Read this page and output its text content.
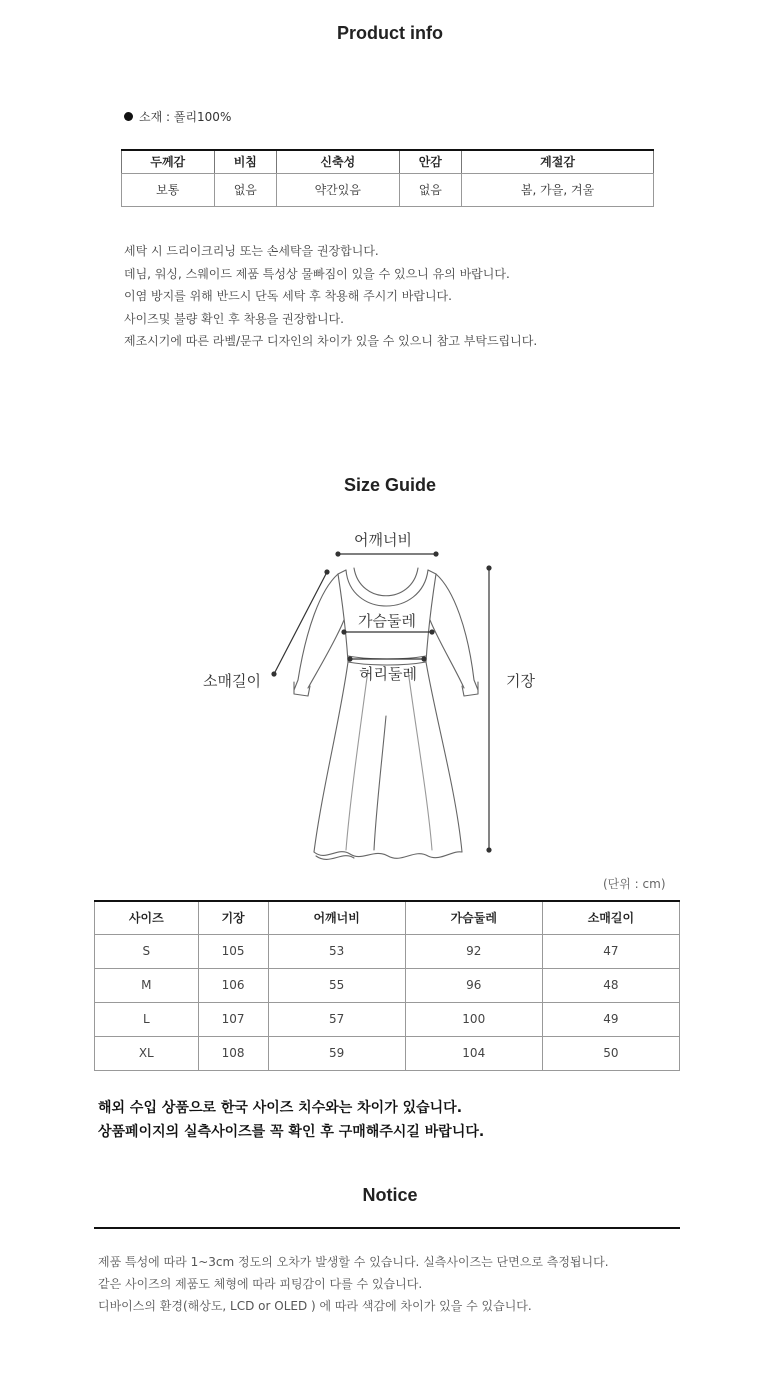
Product info
소재 : 폴리100%
두께감	비침	신축성	안감	계절감
보통	없음	약간있음	없음	봄, 가을, 겨울
세탁 시 드리이크리닝 또는 손세탁을 권장합니다.
데님, 워싱, 스웨이드 제품 특성상 물빠짐이 있을 수 있으니 유의 바랍니다.
이염 방지를 위해 반드시 단독 세탁 후 착용해 주시기 바랍니다.
사이즈및 불량 확인 후 착용을 권장합니다.
제조시기에 따른 라벨/문구 디자인의 차이가 있을 수 있으니 참고 부탁드립니다.
Size Guide
어깨너비
가슴둘레
허리둘레
소매길이	기장
(단위 : cm)
사이즈	기장	어깨너비	가슴둘레	소매길이
S	105	53	92	47
M	106	55	96	48
L	107	57	100	49
XL	108	59	104	50
해외 수입 상품으로 한국 사이즈 치수와는 차이가 있습니다.
상품페이지의 실측사이즈를 꼭 확인 후 구매해주시길 바랍니다.
Notice
제품 특성에 따라 1~3cm 정도의 오차가 발생할 수 있습니다. 실측사이즈는 단면으로 측정됩니다.
같은 사이즈의 제품도 체형에 따라 피팅감이 다를 수 있습니다.
디바이스의 환경(해상도, LCD or OLED ) 에 따라 색감에 차이가 있을 수 있습니다.
